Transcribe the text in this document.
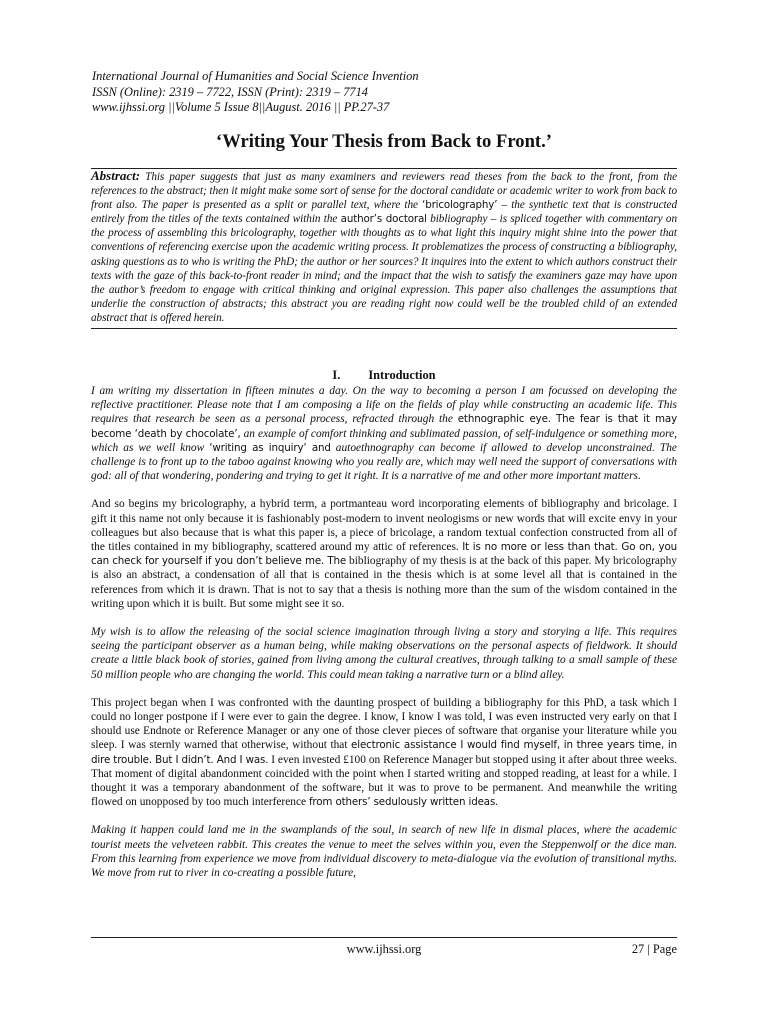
International Journal of Humanities and Social Science Invention
ISSN (Online): 2319 – 7722, ISSN (Print): 2319 – 7714
www.ijhssi.org ||Volume 5 Issue 8||August. 2016 || PP.27-37
‘Writing Your Thesis from Back to Front.’
Abstract: This paper suggests that just as many examiners and reviewers read theses from the back to the front, from the references to the abstract; then it might make some sort of sense for the doctoral candidate or academic writer to work from back to front also. The paper is presented as a split or parallel text, where the ‘bricolography’ – the synthetic text that is constructed entirely from the titles of the texts contained within the author’s doctoral bibliography – is spliced together with commentary on the process of assembling this bricolography, together with thoughts as to what light this inquiry might shine into the power that conventions of referencing exercise upon the academic writing process. It problematizes the process of constructing a bibliography, asking questions as to who is writing the PhD; the author or her sources? It inquires into the extent to which authors construct their texts with the gaze of this back-to-front reader in mind; and the impact that the wish to satisfy the examiners gaze may have upon the author’s freedom to engage with critical thinking and original expression. This paper also challenges the assumptions that underlie the construction of abstracts; this abstract you are reading right now could well be the troubled child of an extended abstract that is offered herein.
I. Introduction

I am writing my dissertation in fifteen minutes a day. On the way to becoming a person I am focussed on developing the reflective practitioner. Please note that I am composing a life on the fields of play while constructing an academic life. This requires that research be seen as a personal process, refracted through the ethnographic eye. The fear is that it may become ‘death by chocolate’, an example of comfort thinking and sublimated passion, of self-indulgence or something more, which as we well know ‘writing as inquiry’ and autoethnography can become if allowed to develop unconstrained. The challenge is to front up to the taboo against knowing who you really are, which may well need the support of conversations with god: all of that wondering, pondering and trying to get it right. It is a narrative of me and other more important matters.

And so begins my bricolography, a hybrid term, a portmanteau word incorporating elements of bibliography and bricolage. I gift it this name not only because it is fashionably post-modern to invent neologisms or new words that will excite envy in your colleagues but also because that is what this paper is, a piece of bricolage, a random textual confection constructed from all of the titles contained in my bibliography, scattered around my attic of references. It is no more or less than that. Go on, you can check for yourself if you don’t believe me. The bibliography of my thesis is at the back of this paper. My bricolography is also an abstract, a condensation of all that is contained in the thesis which is at some level all that is contained in the references from which it is drawn. That is not to say that a thesis is nothing more than the sum of the wisdom contained in the writing upon which it is built. But some might see it so.

My wish is to allow the releasing of the social science imagination through living a story and storying a life. This requires seeing the participant observer as a human being, while making observations on the personal aspects of fieldwork. It should create a little black book of stories, gained from living among the cultural creatives, through talking to a small sample of these 50 million people who are changing the world. This could mean taking a narrative turn or a blind alley.

This project began when I was confronted with the daunting prospect of building a bibliography for this PhD, a task which I could no longer postpone if I were ever to gain the degree. I know, I know I was told, I was even instructed very early on that I should use Endnote or Reference Manager or any one of those clever pieces of software that organise your literature while you sleep. I was sternly warned that otherwise, without that electronic assistance I would find myself, in three years time, in dire trouble. But I didn’t. And I was. I even invested £100 on Reference Manager but stopped using it after about three weeks. That moment of digital abandonment coincided with the point when I started writing and stopped reading, at least for a while. I thought it was a temporary abandonment of the software, but it was to prove to be permanent. And meanwhile the writing flowed on unopposed by too much interference from others’ sedulously written ideas.

Making it happen could land me in the swamplands of the soul, in search of new life in dismal places, where the academic tourist meets the velveteen rabbit. This creates the venue to meet the selves within you, even the Steppenwolf or the dice man. From this learning from experience we move from individual discovery to meta-dialogue via the evolution of transitional myths. We move from rut to river in co-creating a possible future,

www.ijhssi.org	27 | Page
